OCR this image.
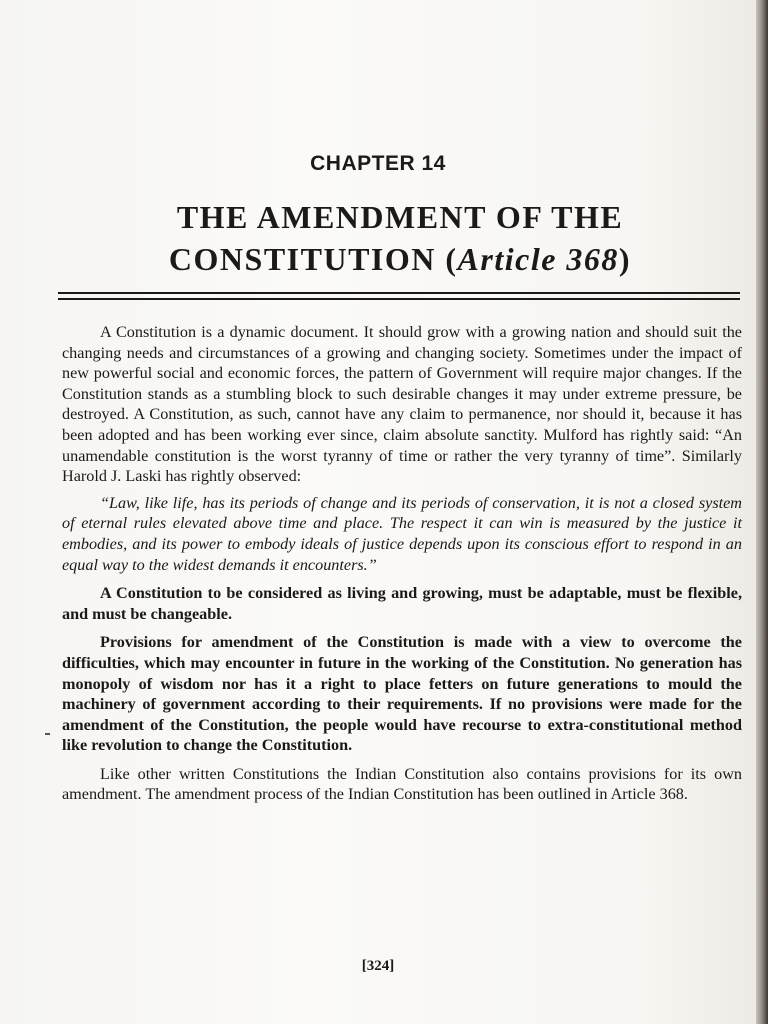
CHAPTER 14
THE AMENDMENT OF THE
CONSTITUTION (Article 368)

A Constitution is a dynamic document. It should grow with a growing nation and should suit the changing needs and circumstances of a growing and changing society. Sometimes under the impact of new powerful social and economic forces, the pattern of Government will require major changes. If the Constitution stands as a stumbling block to such desirable changes it may under extreme pressure, be destroyed. A Constitution, as such, cannot have any claim to permanence, nor should it, because it has been adopted and has been working ever since, claim absolute sanctity. Mulford has rightly said: “An unamendable constitution is the worst tyranny of time or rather the very tyranny of time”. Similarly Harold J. Laski has rightly observed:

“Law, like life, has its periods of change and its periods of conservation, it is not a closed system of eternal rules elevated above time and place. The respect it can win is measured by the justice it embodies, and its power to embody ideals of justice depends upon its conscious effort to respond in an equal way to the widest demands it encounters.”

A Constitution to be considered as living and growing, must be adaptable, must be flexible, and must be changeable.

Provisions for amendment of the Constitution is made with a view to overcome the difficulties, which may encounter in future in the working of the Constitution. No generation has monopoly of wisdom nor has it a right to place fetters on future generations to mould the machinery of government according to their requirements. If no provisions were made for the amendment of the Constitution, the people would have recourse to extra-constitutional method like revolution to change the Constitution.

Like other written Constitutions the Indian Constitution also contains provisions for its own amendment. The amendment process of the Indian Constitution has been outlined in Article 368.

[324]
